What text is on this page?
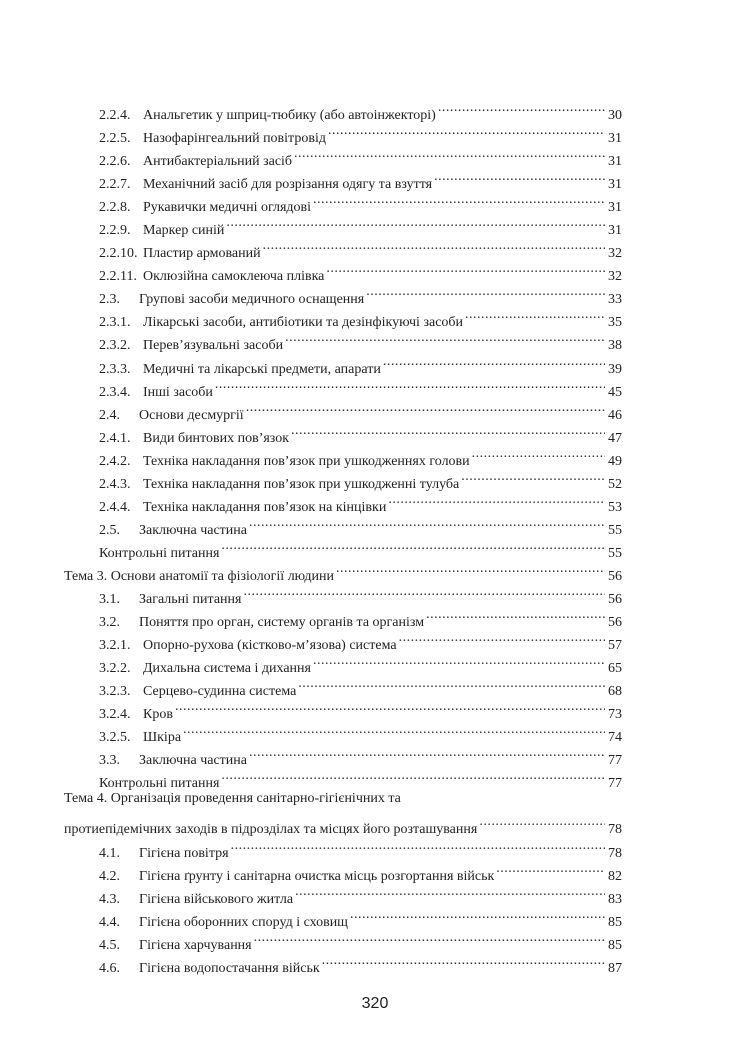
2.2.4. Анальгетик у шприц-тюбику (або автоінжекторі) .....	30
2.2.5. Назофарінгеальний повітровід .....	31
2.2.6. Антибактеріальний засіб .....	31
2.2.7. Механічний засіб для розрізання одягу та взуття .....	31
2.2.8. Рукавички медичні оглядові .....	31
2.2.9. Маркер синій .....	31
2.2.10. Пластир армований .....	32
2.2.11. Оклюзійна самоклеюча плівка .....	32
2.3.	Групові засоби медичного оснащення .....	33
2.3.1. Лікарські засоби, антибіотики та дезінфікуючі засоби .....	35
2.3.2. Перев’язувальні засоби .....	38
2.3.3. Медичні та лікарські предмети, апарати .....	39
2.3.4. Інші засоби .....	45
2.4.	Основи десмургії .....	46
2.4.1. Види бинтових пов’язок .....	47
2.4.2. Техніка накладання пов’язок при ушкодженнях голови .....	49
2.4.3. Техніка накладання пов’язок при ушкодженні тулуба .....	52
2.4.4. Техніка накладання пов’язок на кінцівки .....	53
2.5.	Заключна частина .....	55
Контрольні питання .....	55
Тема 3. Основи анатомії та фізіології людини .....	56
3.1.	Загальні питання .....	56
3.2.	Поняття про орган, систему органів та організм .....	56
3.2.1. Опорно-рухова (кістково-м’язова) система .....	57
3.2.2. Дихальна система і дихання .....	65
3.2.3. Серцево-судинна система .....	68
3.2.4. Кров .....	73
3.2.5. Шкіра .....	74
3.3.	Заключна частина .....	77
Контрольні питання .....	77
Тема 4. Організація проведення санітарно-гігієнічних та
протиепідемічних заходів в підрозділах та місцях його розташування .....	78
4.1.	Гігієна повітря .....	78
4.2.	Гігієна ґрунту і санітарна очистка місць розгортання військ .....	82
4.3.	Гігієна військового житла .....	83
4.4.	Гігієна оборонних споруд і сховищ .....	85
4.5.	Гігієна харчування .....	85
4.6.	Гігієна водопостачання військ .....	87
320
